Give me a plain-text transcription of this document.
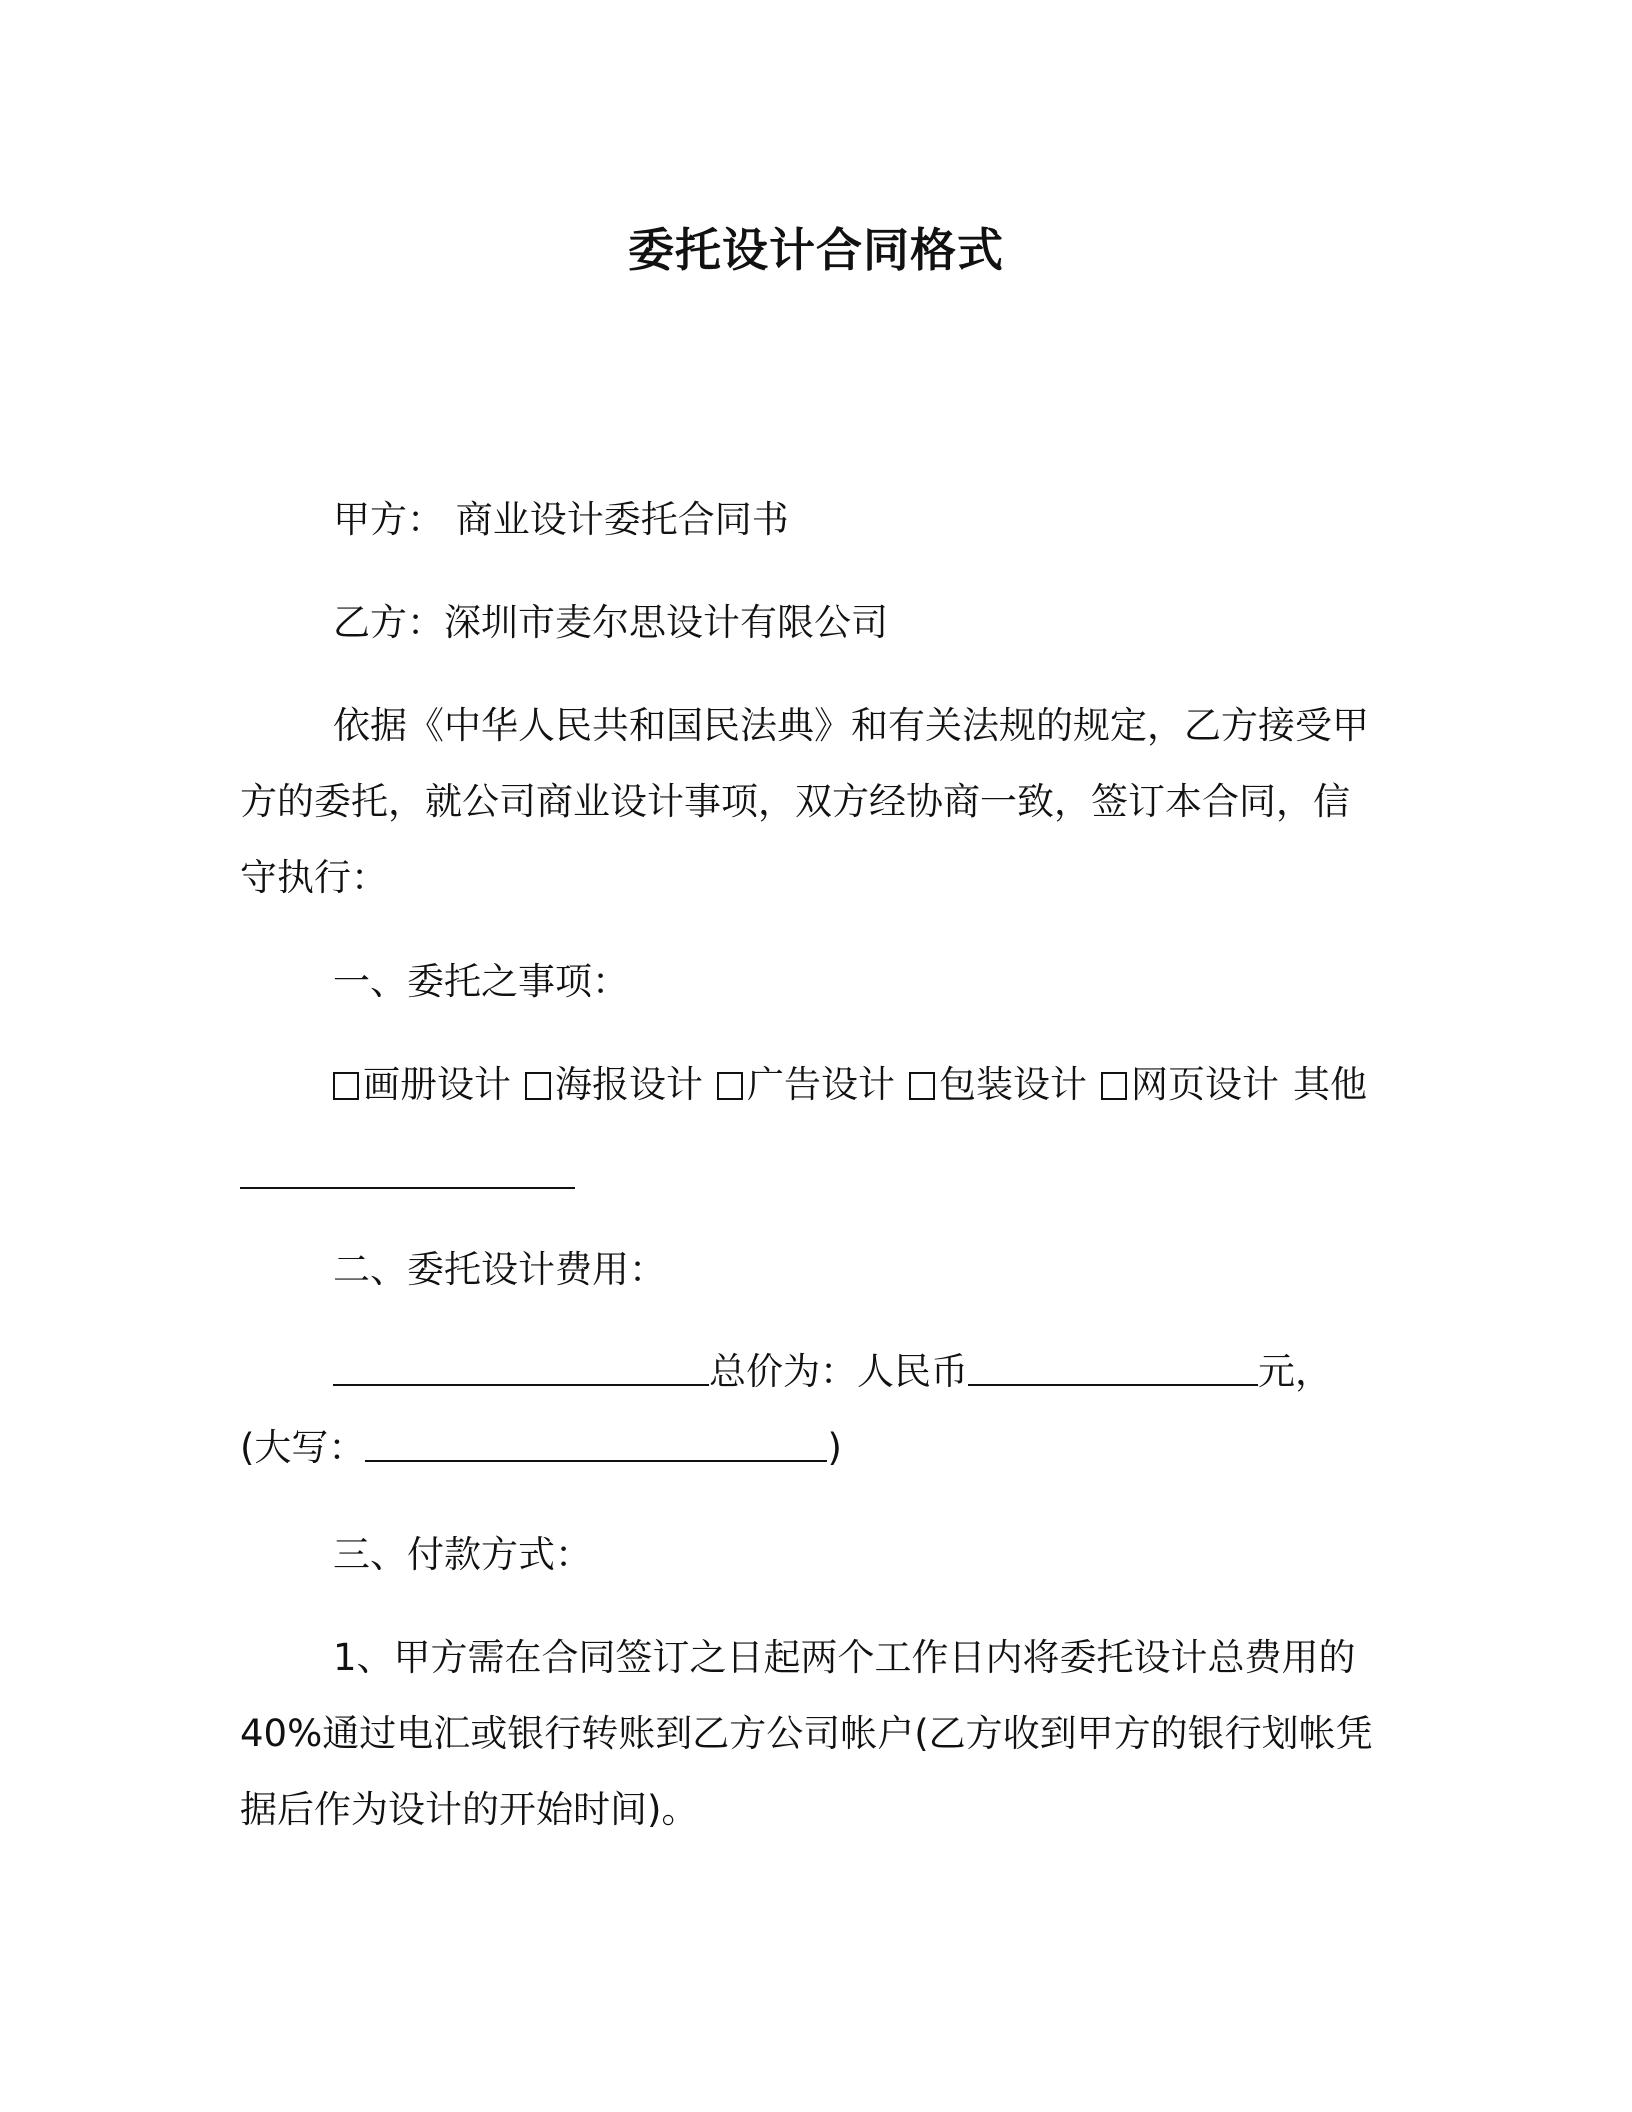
委托设计合同格式
甲方： 商业设计委托合同书
乙方：深圳市麦尔思设计有限公司
依据《中华人民共和国民法典》和有关法规的规定，乙方接受甲
方的委托，就公司商业设计事项，双方经协商一致，签订本合同，信
守执行：
一、委托之事项：
画册设计 海报设计 广告设计 包装设计 网页设计 其他
二、委托设计费用：
总价为：人民币	元，
(大写：	)
三、付款方式：
1、甲方需在合同签订之日起两个工作日内将委托设计总费用的
40%通过电汇或银行转账到乙方公司帐户(乙方收到甲方的银行划帐凭
据后作为设计的开始时间)。
